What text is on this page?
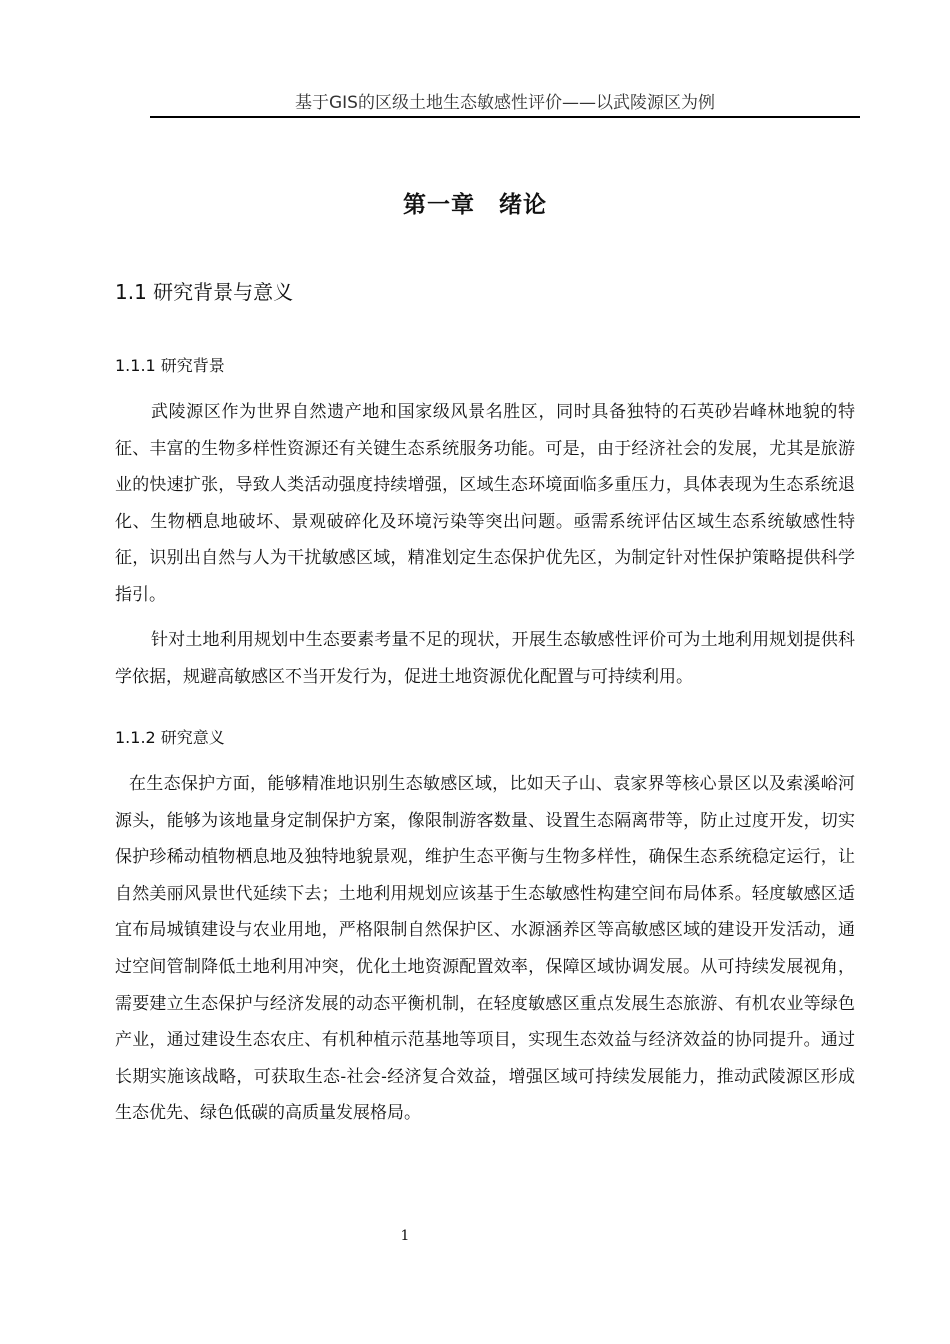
基于GIS的区级土地生态敏感性评价——以武陵源区为例
第一章　绪论
1.1 研究背景与意义
1.1.1 研究背景

武陵源区作为世界自然遗产地和国家级风景名胜区，同时具备独特的石英砂岩峰林地貌的特征、丰富的生物多样性资源还有关键生态系统服务功能。可是，由于经济社会的发展，尤其是旅游业的快速扩张，导致人类活动强度持续增强，区域生态环境面临多重压力，具体表现为生态系统退化、生物栖息地破坏、景观破碎化及环境污染等突出问题。亟需系统评估区域生态系统敏感性特征，识别出自然与人为干扰敏感区域，精准划定生态保护优先区，为制定针对性保护策略提供科学指引。

针对土地利用规划中生态要素考量不足的现状，开展生态敏感性评价可为土地利用规划提供科学依据，规避高敏感区不当开发行为，促进土地资源优化配置与可持续利用。

1.1.2 研究意义

在生态保护方面，能够精准地识别生态敏感区域，比如天子山、袁家界等核心景区以及索溪峪河源头，能够为该地量身定制保护方案，像限制游客数量、设置生态隔离带等，防止过度开发，切实保护珍稀动植物栖息地及独特地貌景观，维护生态平衡与生物多样性，确保生态系统稳定运行，让自然美丽风景世代延续下去；土地利用规划应该基于生态敏感性构建空间布局体系。轻度敏感区适宜布局城镇建设与农业用地，严格限制自然保护区、水源涵养区等高敏感区域的建设开发活动，通过空间管制降低土地利用冲突，优化土地资源配置效率，保障区域协调发展。从可持续发展视角，需要建立生态保护与经济发展的动态平衡机制，在轻度敏感区重点发展生态旅游、有机农业等绿色产业，通过建设生态农庄、有机种植示范基地等项目，实现生态效益与经济效益的协同提升。通过长期实施该战略，可获取生态-社会-经济复合效益，增强区域可持续发展能力，推动武陵源区形成生态优先、绿色低碳的高质量发展格局。

1
